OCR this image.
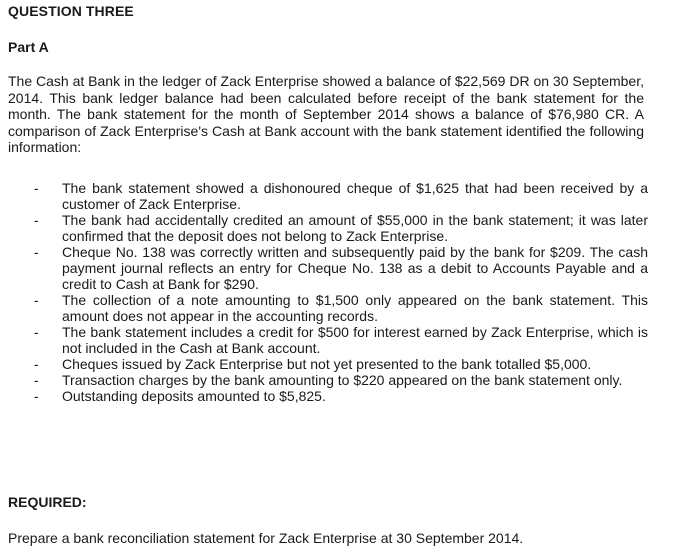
QUESTION THREE
Part A

The Cash at Bank in the ledger of Zack Enterprise showed a balance of $22,569 DR on 30 September, 2014. This bank ledger balance had been calculated before receipt of the bank statement for the month. The bank statement for the month of September 2014 shows a balance of $76,980 CR. A comparison of Zack Enterprise's Cash at Bank account with the bank statement identified the following information:

- The bank statement showed a dishonoured cheque of $1,625 that had been received by a customer of Zack Enterprise.
- The bank had accidentally credited an amount of $55,000 in the bank statement; it was later confirmed that the deposit does not belong to Zack Enterprise.
- Cheque No. 138 was correctly written and subsequently paid by the bank for $209. The cash payment journal reflects an entry for Cheque No. 138 as a debit to Accounts Payable and a credit to Cash at Bank for $290.
- The collection of a note amounting to $1,500 only appeared on the bank statement. This amount does not appear in the accounting records.
- The bank statement includes a credit for $500 for interest earned by Zack Enterprise, which is not included in the Cash at Bank account.
- Cheques issued by Zack Enterprise but not yet presented to the bank totalled $5,000.
- Transaction charges by the bank amounting to $220 appeared on the bank statement only.
- Outstanding deposits amounted to $5,825.
REQUIRED:
Prepare a bank reconciliation statement for Zack Enterprise at 30 September 2014.
